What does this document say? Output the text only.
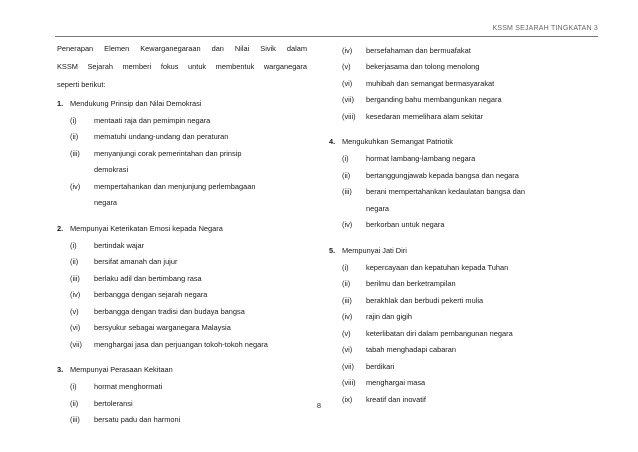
KSSM SEJARAH TINGKATAN 3
Penerapan Elemen Kewarganegaraan dan Nilai Sivik dalam
KSSM Sejarah memberi fokus untuk membentuk warganegara
seperti berikut:
1. Mendukung Prinsip dan Nilai Demokrasi
(i)	mentaati raja dan pemimpin negara
(ii)	mematuhi undang-undang dan peraturan
(iii)	menyanjungi corak pemerintahan dan prinsip
demokrasi
(iv)	mempertahankan dan menjunjung perlembagaan
negara
2. Mempunyai Keterikatan Emosi kepada Negara
(i)	bertindak wajar
(ii)	bersifat amanah dan jujur
(iii)	berlaku adil dan bertimbang rasa
(iv)	berbangga dengan sejarah negara
(v)	berbangga dengan tradisi dan budaya bangsa
(vi)	bersyukur sebagai warganegara Malaysia
(vii)	menghargai jasa dan perjuangan tokoh-tokoh negara
3. Mempunyai Perasaan Kekitaan
(i)	hormat menghormati
(ii)	bertoleransi
(iii)	bersatu padu dan harmoni
(iv)	bersefahaman dan bermuafakat
(v)	bekerjasama dan tolong menolong
(vi)	muhibah dan semangat bermasyarakat
(vii)	berganding bahu membangunkan negara
(viii)	kesedaran memelihara alam sekitar
4. Mengukuhkan Semangat Patriotik
(i)	hormat lambang-lambang negara
(ii)	bertanggungjawab kepada bangsa dan negara
(iii)	berani mempertahankan kedaulatan bangsa dan
negara
(iv)	berkorban untuk negara
5. Mempunyai Jati Diri
(i)	kepercayaan dan kepatuhan kepada Tuhan
(ii)	berilmu dan berketrampilan
(iii)	berakhlak dan berbudi pekerti mulia
(iv)	rajin dan gigih
(v)	keterlibatan diri dalam pembangunan negara
(vi)	tabah menghadapi cabaran
(vii)	berdikari
(viii)	menghargai masa
(ix)	kreatif dan inovatif
8
